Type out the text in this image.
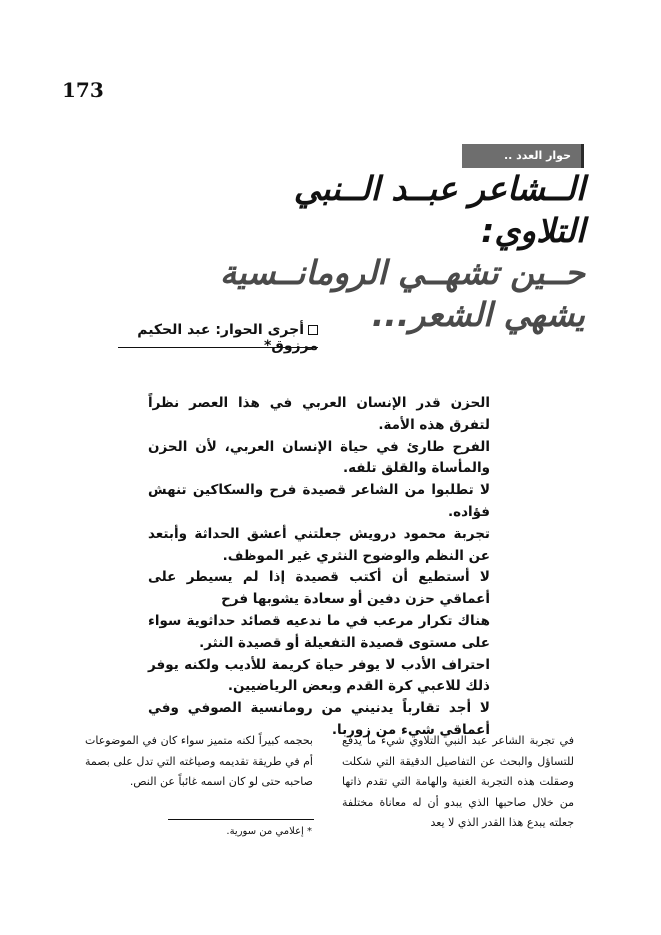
173
حوار العدد ..
الــشاعر عبــد الــنبي
التلاوي:
حــين تشهــي الرومانــسية
يشهي الشعر...
أجرى الحوار: عبد الحكيم مرزوق*

الحزن قدر الإنسان العربي في هذا العصر نظراً لتفرق هذه الأمة.

الفرح طارئ في حياة الإنسان العربي، لأن الحزن والمأساة والقلق تلفه.

لا تطلبوا من الشاعر قصيدة فرح والسكاكين تنهش فؤاده.

تجربة محمود درويش جعلتني أعشق الحداثة وأبتعد عن النظم والوضوح النثري غير الموظف.

لا أستطيع أن أكتب قصيدة إذا لم يسيطر على أعماقي حزن دفين أو سعادة يشوبها فرح

هناك تكرار مرعب في ما ندعيه قصائد حداثوية سواء على مستوى قصيدة التفعيلة أو قصيدة النثر.

احتراف الأدب لا يوفر حياة كريمة للأديب ولكنه يوفر ذلك للاعبي كرة القدم وبعض الرياضيين.

لا أجد تقارباً يدنيني من رومانسية الصوفي وفي أعماقي شيء من زوربا.

في تجربة الشاعر عبد النبي التلاوي شيء ما يدفع للتساؤل والبحث عن التفاصيل الدقيقة التي شكلت وصقلت هذه التجربة الغنية والهامة التي تقدم ذاتها من خلال صاحبها الذي يبدو أن له معاناة مختلفة جعلته يبدع هذا القدر الذي لا يعد

بحجمه كبيراً لكنه متميز سواء كان في الموضوعات أم في طريقة تقديمه وصياغته التي تدل على بصمة صاحبه حتى لو كان اسمه غائباً عن النص.

* إعلامي من سورية.
